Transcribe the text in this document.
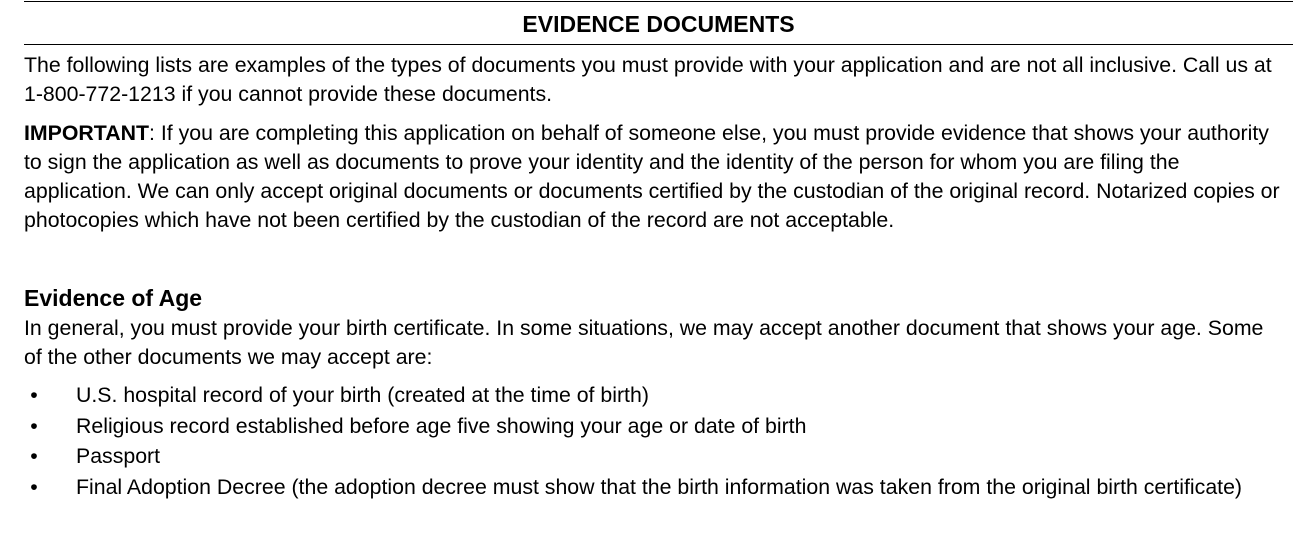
EVIDENCE DOCUMENTS

The following lists are examples of the types of documents you must provide with your application and are not all inclusive. Call us at 1-800-772-1213 if you cannot provide these documents.

IMPORTANT: If you are completing this application on behalf of someone else, you must provide evidence that shows your authority to sign the application as well as documents to prove your identity and the identity of the person for whom you are filing the application. We can only accept original documents or documents certified by the custodian of the original record. Notarized copies or photocopies which have not been certified by the custodian of the record are not acceptable.

Evidence of Age

In general, you must provide your birth certificate. In some situations, we may accept another document that shows your age. Some of the other documents we may accept are:

• U.S. hospital record of your birth (created at the time of birth)
• Religious record established before age five showing your age or date of birth
• Passport
• Final Adoption Decree (the adoption decree must show that the birth information was taken from the original birth certificate)
